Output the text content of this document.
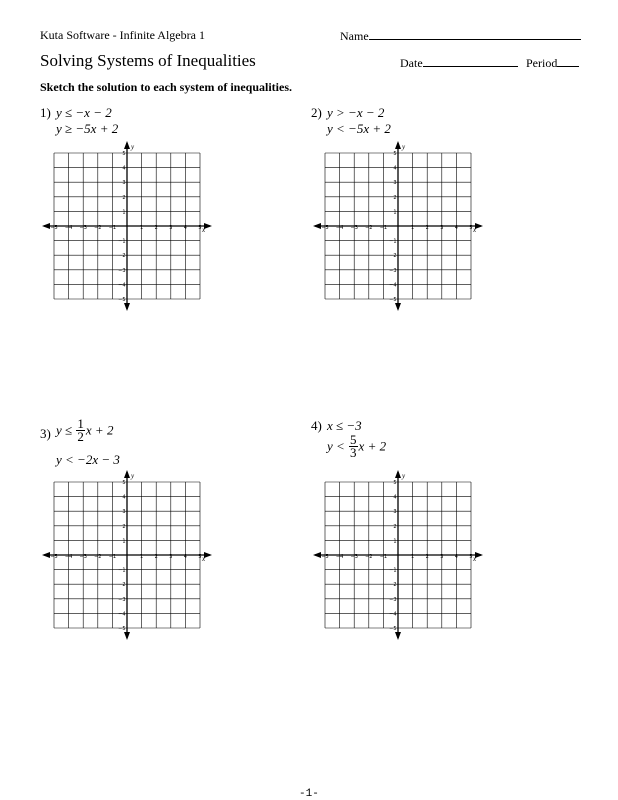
Kuta Software - Infinite Algebra 1	Name
Solving Systems of Inequalities	Date	Period
Sketch the solution to each system of inequalities.
1) y ≤ −x − 2
y ≥ −5x + 2
2) y > −x − 2
y < −5x + 2
3) $y \le \frac{1}{2}$ x + 2
y < −2x − 3
4) x ≤ −3
$y < \frac{5}{3}$ x + 2
x
y
−5 −4 −3 −2 −1	1 2 3 4 5
5
4
3
2
1
−1
−2
−3
−4
−5
x
y
−5 −4 −3 −2 −1	1 2 3 4 5
5
4
3
2
1
−1
−2
−3
−4
−5
x
y
−5 −4 −3 −2 −1	1 2 3 4 5
5
4
3
2
1
−1
−2
−3
−4
−5
x
y
−5 −4 −3 −2 −1	1 2 3 4 5
5
4
3
2
1
−1
−2
−3
−4
−5
-1-
